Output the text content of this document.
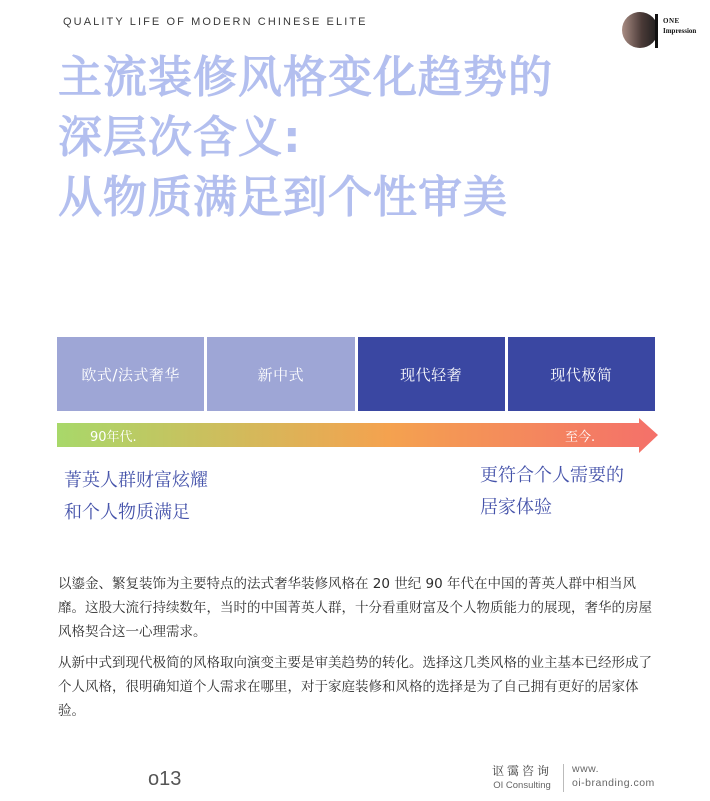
QUALITY LIFE OF MODERN CHINESE ELITE	ONE
Impression
主流装修风格变化趋势的
深层次含义:
从物质满足到个性审美
欧式/法式奢华	新中式	现代轻奢	现代极简
90年代.	至今.
菁英人群财富炫耀
和个人物质满足
更符合个人需要的
居家体验

以鎏金、繁复装饰为主要特点的法式奢华装修风格在 20 世纪 90 年代在中国的菁英人群中相当风靡。这股大流行持续数年，当时的中国菁英人群，十分看重财富及个人物质能力的展现，奢华的房屋风格契合这一心理需求。

从新中式到现代极简的风格取向演变主要是审美趋势的转化。选择这几类风格的业主基本已经形成了个人风格，很明确知道个人需求在哪里，对于家庭装修和风格的选择是为了自己拥有更好的居家体验。

o13	讴霭咨询
OI Consulting
www.
oi-branding.com
